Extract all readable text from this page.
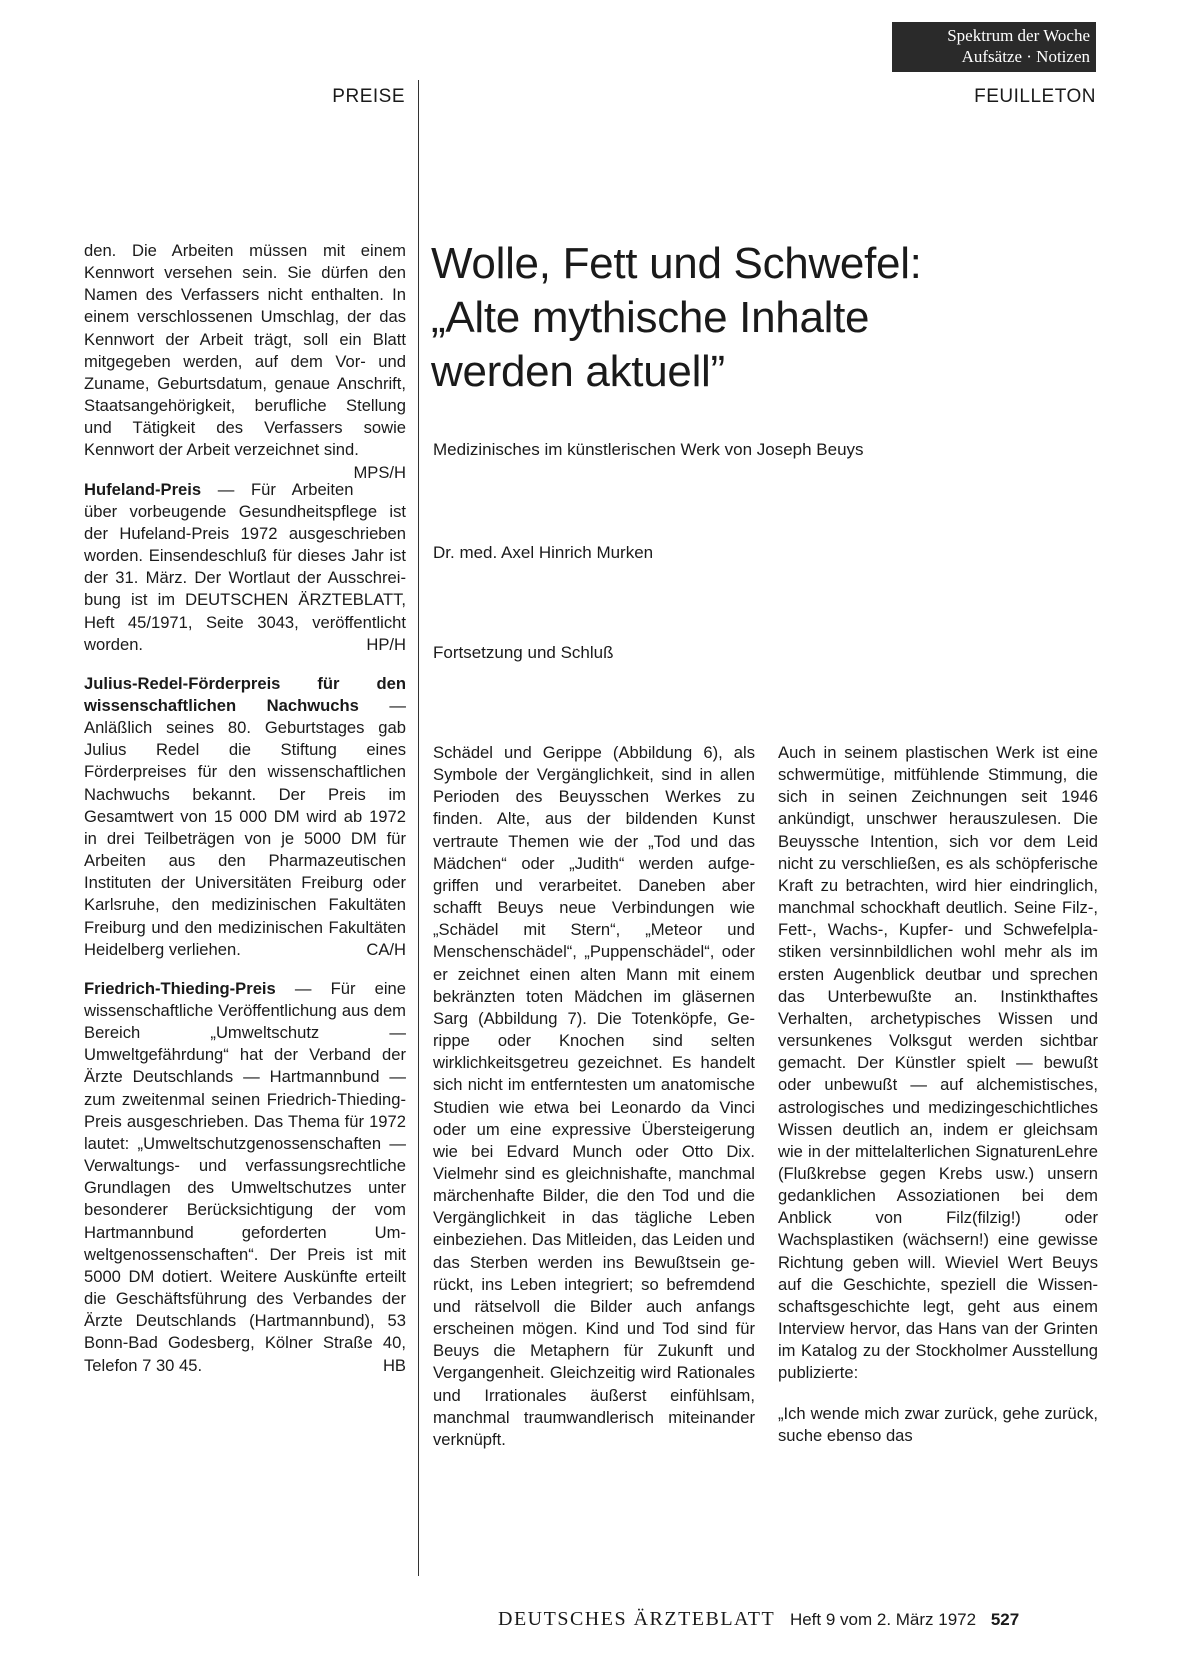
Spektrum der Woche
Aufsätze · Notizen
PREISE	FEUILLETON

den. Die Arbeiten müssen mit einem Kennwort versehen sein. Sie dürfen den Namen des Verfassers nicht enthalten. In einem verschlossenen Umschlag, der das Kennwort der Arbeit trägt, soll ein Blatt mitgegeben werden, auf dem Vor- und Zuname, Geburtsdatum, genaue Anschrift, Staatsangehörigkeit, berufliche Stellung und Tätigkeit des Verfassers sowie Kennwort der Arbeit verzeichnet sind.
MPS/H

Hufeland-Preis — Für Arbeiten über vorbeugende Gesundheitspflege ist der Hufeland-Preis 1972 ausgeschrieben worden. Einsendeschluß für dieses Jahr ist der 31. März. Der Wortlaut der Ausschreibung ist im DEUTSCHEN ÄRZTEBLATT, Heft 45/1971, Seite 3043, veröffentlicht worden.	HP/H

Julius-Redel-Förderpreis für den wissenschaftlichen Nachwuchs — Anläßlich seines 80. Geburtstages gab Julius Redel die Stiftung eines Förderpreises für den wissenschaftlichen Nachwuchs bekannt. Der Preis im Gesamtwert von 15 000 DM wird ab 1972 in drei Teilbeträgen von je 5000 DM für Arbeiten aus den Pharmazeutischen Instituten der Universitäten Freiburg oder Karlsruhe, den medizinischen Fakultäten Freiburg und den medizinischen Fakultäten Heidelberg verliehen.	CA/H

Friedrich-Thieding-Preis — Für eine wissenschaftliche Veröffentlichung aus dem Bereich „Umweltschutz — Umweltgefährdung“ hat der Verband der Ärzte Deutschlands — Hartmannbund — zum zweitenmal seinen Friedrich-Thieding-Preis ausgeschrieben. Das Thema für 1972 lautet: „Umweltschutzgenossenschaften — Verwaltungs- und verfassungsrechtliche Grundlagen des Umweltschutzes unter besonderer Berücksichtigung der vom Hartmannbund geforderten Umweltgenossenschaften“. Der Preis ist mit 5000 DM dotiert. Weitere Auskünfte erteilt die Geschäftsführung des Verbandes der Ärzte Deutschlands (Hartmannbund), 53 Bonn-Bad Godesberg, Kölner Straße 40, Telefon 7 30 45.	HB

Wolle, Fett und Schwefel:
„Alte mythische Inhalte
werden aktuell”
Medizinisches im künstlerischen Werk von Joseph Beuys
Dr. med. Axel Hinrich Murken
Fortsetzung und Schluß

Schädel und Gerippe (Abbildung 6), als Symbole der Vergänglichkeit, sind in allen Perioden des Beuysschen Werkes zu finden. Alte, aus der bildenden Kunst vertraute Themen wie der „Tod und das Mädchen“ oder „Judith“ werden aufgegriffen und verarbeitet. Daneben aber schafft Beuys neue Verbindungen wie „Schädel mit Stern“, „Meteor und Menschenschädel“, „Puppenschädel“, oder er zeichnet einen alten Mann mit einem bekränzten toten Mädchen im gläsernen Sarg (Abbildung 7). Die Totenköpfe, Gerippe oder Knochen sind selten wirklichkeitsgetreu gezeichnet. Es handelt sich nicht im entferntesten um anatomische Studien wie etwa bei Leonardo da Vinci oder um eine expressive Übersteigerung wie bei Edvard Munch oder Otto Dix. Vielmehr sind es gleichnishafte, manchmal märchenhafte Bilder, die den Tod und die Vergänglichkeit in das tägliche Leben einbeziehen. Das Mitleiden, das Leiden und das Sterben werden ins Bewußtsein gerückt, ins Leben integriert; so befremdend und rätselvoll die Bilder auch anfangs erscheinen mögen. Kind und Tod sind für Beuys die Metaphern für Zukunft und Vergangenheit. Gleichzeitig wird Rationales und Irrationales äußerst einfühlsam, manchmal traumwandlerisch miteinander verknüpft.

Auch in seinem plastischen Werk ist eine schwermütige, mitfühlende Stimmung, die sich in seinen Zeichnungen seit 1946 ankündigt, unschwer herauszulesen. Die Beuyssche Intention, sich vor dem Leid nicht zu verschließen, es als schöpferische Kraft zu betrachten, wird hier eindringlich, manchmal schockhaft deutlich. Seine Filz-, Fett-, Wachs-, Kupfer- und Schwefelplastiken versinnbildlichen wohl mehr als im ersten Augenblick deutbar und sprechen das Unterbewußte an. Instinkthaftes Verhalten, archetypisches Wissen und versunkenes Volksgut werden sichtbar gemacht. Der Künstler spielt — bewußt oder unbewußt — auf alchemistisches, astrologisches und medizingeschichtliches Wissen deutlich an, indem er gleichsam wie in der mittelalterlichen SignaturenLehre (Flußkrebse gegen Krebs usw.) unsern gedanklichen Assoziationen bei dem Anblick von Filz(filzig!) oder Wachsplastiken (wächsern!) eine gewisse Richtung geben will. Wieviel Wert Beuys auf die Geschichte, speziell die Wissenschaftsgeschichte legt, geht aus einem Interview hervor, das Hans van der Grinten im Katalog zu der Stockholmer Ausstellung publizierte:

„Ich wende mich zwar zurück, gehe zurück, suche ebenso das

DEUTSCHES ÄRZTEBLATT Heft 9 vom 2. März 1972 527
